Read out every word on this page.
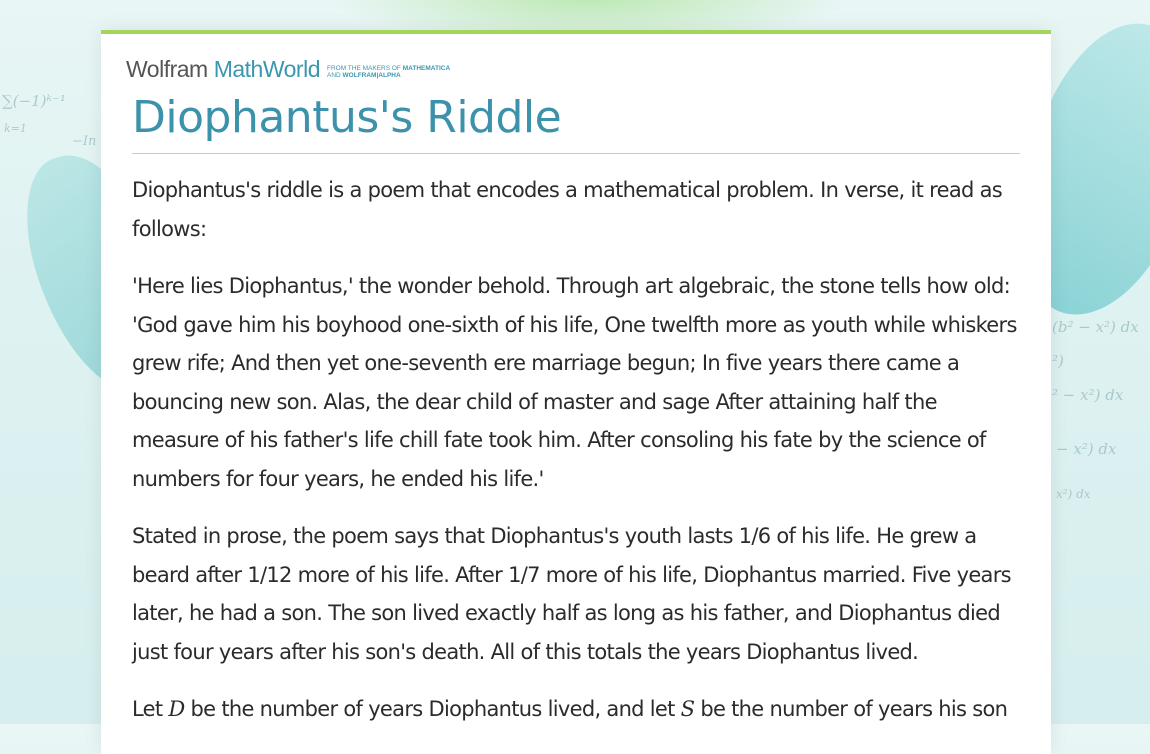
∑(−1)ᵏ⁻¹
k=1
−In
(b² − x²) dx
²)
² − x²) dx
− x²) dx
x²) dx
Wolfram MathWorld FROM THE MAKERS OF MATHEMATICA
AND WOLFRAM|ALPHA
Diophantus's Riddle

Diophantus's riddle is a poem that encodes a mathematical problem. In verse, it read as follows:

'Here lies Diophantus,' the wonder behold. Through art algebraic, the stone tells how old: 'God gave him his boyhood one-sixth of his life, One twelfth more as youth while whiskers grew rife; And then yet one-seventh ere marriage begun; In five years there came a bouncing new son. Alas, the dear child of master and sage After attaining half the measure of his father's life chill fate took him. After consoling his fate by the science of numbers for four years, he ended his life.'

Stated in prose, the poem says that Diophantus's youth lasts 1/6 of his life. He grew a beard after 1/12 more of his life. After 1/7 more of his life, Diophantus married. Five years later, he had a son. The son lived exactly half as long as his father, and Diophantus died just four years after his son's death. All of this totals the years Diophantus lived.

Let D be the number of years Diophantus lived, and let S be the number of years his son
